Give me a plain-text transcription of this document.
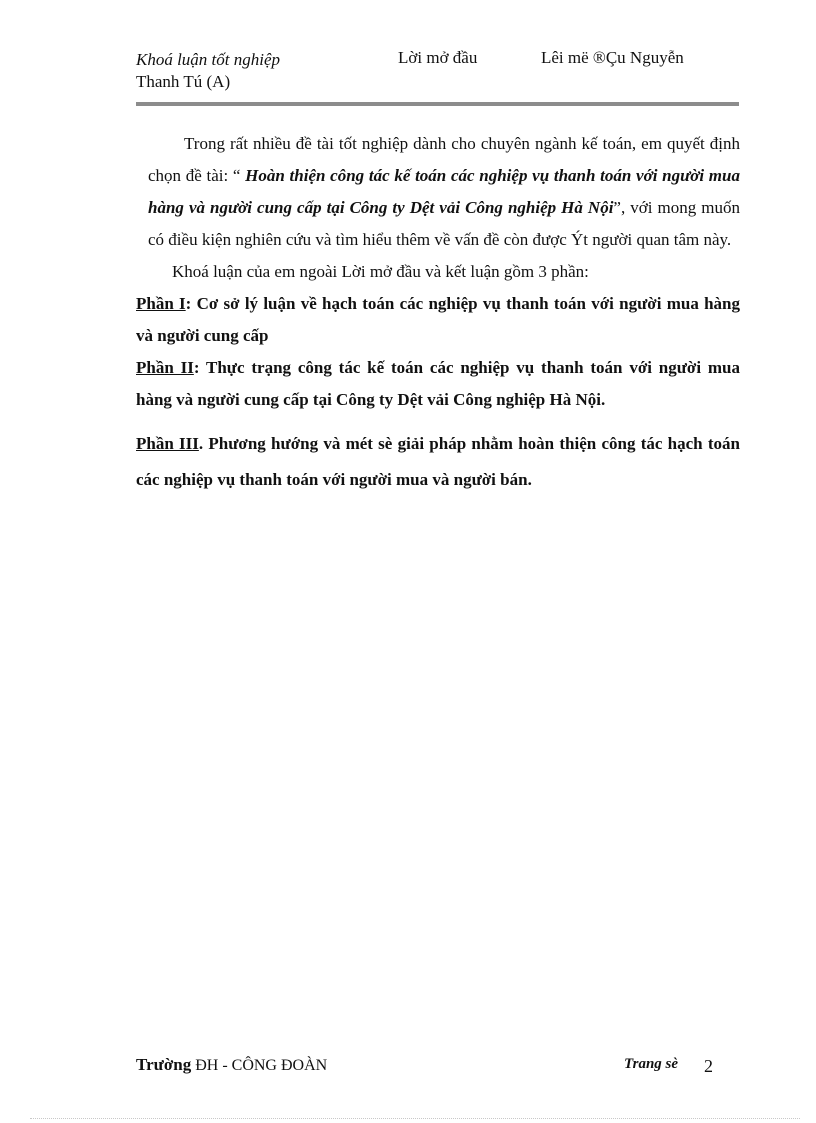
Khoá luận tốt nghiệp	Lời mở đầu	Lêi më ®Çu Nguyễn
Thanh Tú (A)

Trong rất nhiều đề tài tốt nghiệp dành cho chuyên ngành kế toán, em quyết định chọn đề tài: “ Hoàn thiện công tác kế toán các nghiệp vụ thanh toán với người mua hàng và người cung cấp tại Công ty Dệt vải Công nghiệp Hà Nội”, với mong muốn có điều kiện nghiên cứu và tìm hiểu thêm về vấn đề còn được Ýt người quan tâm này.

Khoá luận của em ngoài Lời mở đầu và kết luận gồm 3 phần:

Phần I: Cơ sở lý luận về hạch toán các nghiệp vụ thanh toán với người mua hàng và người cung cấp

Phần II: Thực trạng công tác kế toán các nghiệp vụ thanh toán với người mua hàng và người cung cấp tại Công ty Dệt vải Công nghiệp Hà Nội.

Phần III. Phương hướng và mét sè giải pháp nhằm hoàn thiện công tác hạch toán các nghiệp vụ thanh toán với người mua và người bán.

Trường ĐH - CÔNG ĐOÀN	Trang sè 2
